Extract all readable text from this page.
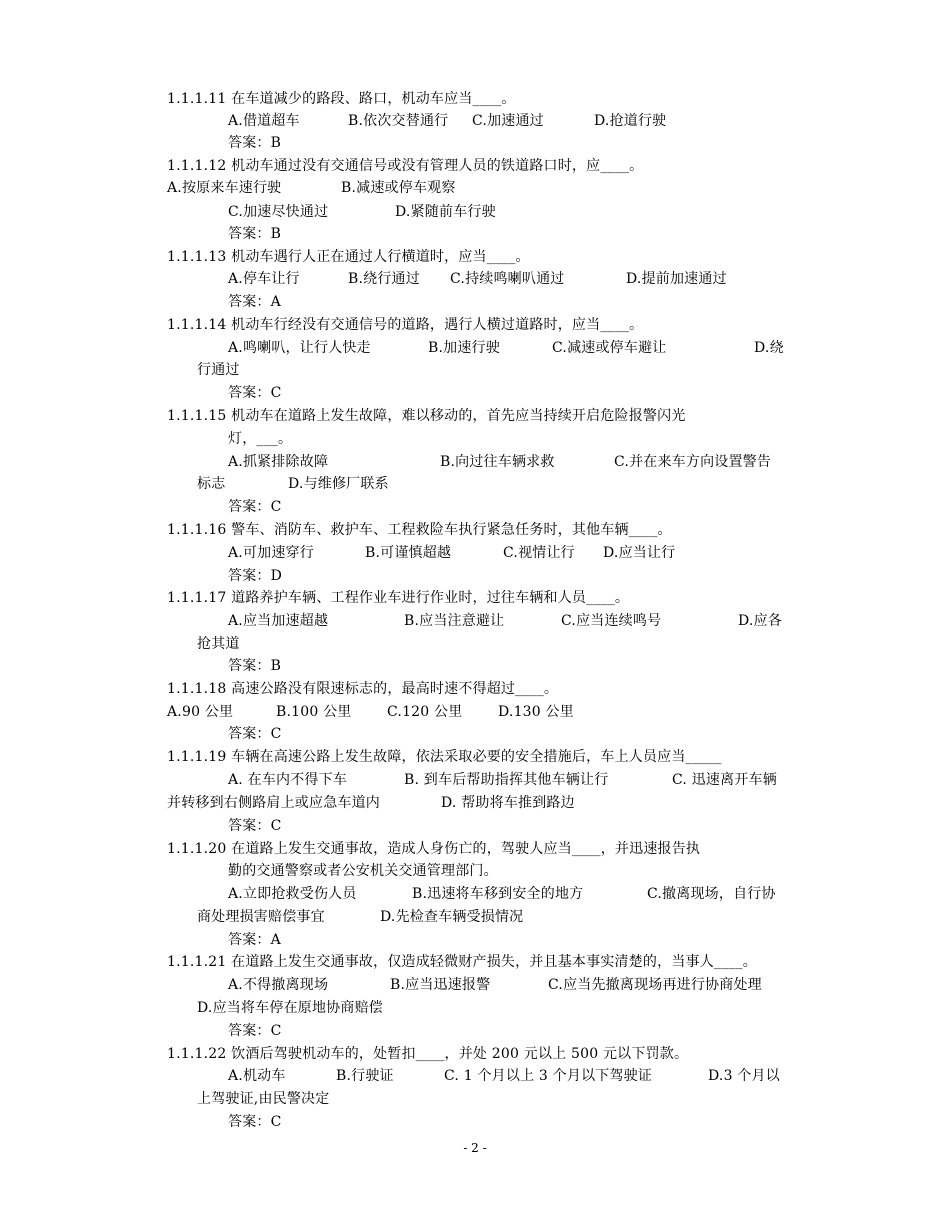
1.1.1.11 在车道减少的路段、路口，机动车应当____。
A.借道超车	B.依次交替通行 C.加速通过	D.抢道行驶
答案：B
1.1.1.12 机动车通过没有交通信号或没有管理人员的铁道路口时，应____。
A.按原来车速行驶	B.减速或停车观察
C.加速尽快通过	D.紧随前车行驶
答案：B
1.1.1.13 机动车遇行人正在通过人行横道时，应当____。
A.停车让行	B.绕行通过 C.持续鸣喇叭通过	D.提前加速通过
答案：A
1.1.1.14 机动车行经没有交通信号的道路，遇行人横过道路时，应当____。
A.鸣喇叭，让行人快走	B.加速行驶	C.减速或停车避让	D.绕
行通过
答案：C
1.1.1.15 机动车在道路上发生故障，难以移动的，首先应当持续开启危险报警闪光
灯，___。
A.抓紧排除故障	B.向过往车辆求救	C.并在来车方向设置警告
标志	D.与维修厂联系
答案：C
1.1.1.16 警车、消防车、救护车、工程救险车执行紧急任务时，其他车辆____。
A.可加速穿行	B.可谨慎超越	C.视情让行 D.应当让行
答案：D
1.1.1.17 道路养护车辆、工程作业车进行作业时，过往车辆和人员____。
A.应当加速超越	B.应当注意避让	C.应当连续鸣号	D.应各
抢其道
答案：B
1.1.1.18 高速公路没有限速标志的，最高时速不得超过____。
A.90 公里	B.100 公里	C.120 公里	D.130 公里
答案：C
1.1.1.19 车辆在高速公路上发生故障，依法采取必要的安全措施后，车上人员应当_____
A. 在车内不得下车	B. 到车后帮助指挥其他车辆让行	C. 迅速离开车辆
并转移到右侧路肩上或应急车道内	D. 帮助将车推到路边
答案：C
1.1.1.20 在道路上发生交通事故，造成人身伤亡的，驾驶人应当____，并迅速报告执
勤的交通警察或者公安机关交通管理部门。
A.立即抢救受伤人员	B.迅速将车移到安全的地方	C.撤离现场，自行协
商处理损害赔偿事宜	D.先检查车辆受损情况
答案：A
1.1.1.21 在道路上发生交通事故，仅造成轻微财产损失，并且基本事实清楚的，当事人____。
A.不得撤离现场	B.应当迅速报警	C.应当先撤离现场再进行协商处理
D.应当将车停在原地协商赔偿
答案：C
1.1.1.22 饮酒后驾驶机动车的，处暂扣____，并处 200 元以上 500 元以下罚款。
A.机动车	B.行驶证	C. 1 个月以上 3 个月以下驾驶证	D.3 个月以
上驾驶证,由民警决定
答案：C
- 2 -
